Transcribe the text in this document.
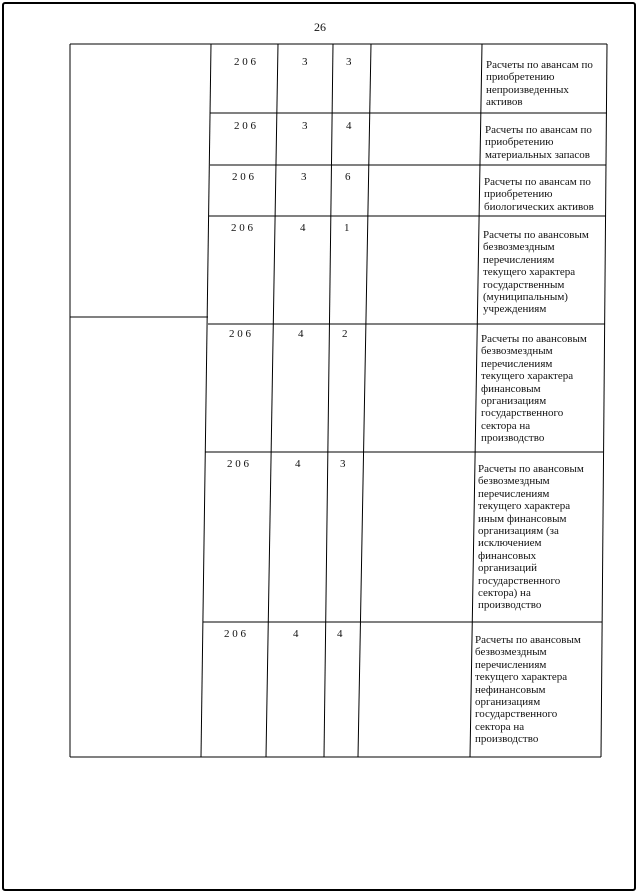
26
2 0 6	3	3	Расчеты по авансам по
приобретению
непроизведенных
активов
2 0 6	3	4	Расчеты по авансам по
приобретению
материальных запасов
2 0 6	3	6	Расчеты по авансам по
приобретению
биологических активов
2 0 6	4	1
Расчеты по авансовым
безвозмездным
перечислениям
текущего характера
государственным
(муниципальным)
учреждениям
2 0 6	4	2	Расчеты по авансовым
безвозмездным
перечислениям
текущего характера
финансовым
организациям
государственного
сектора на
производство
2 0 6	4	3	Расчеты по авансовым
безвозмездным
перечислениям
текущего характера
иным финансовым
организациям (за
исключением
финансовых
организаций
государственного
сектора) на
производство
2 0 6	4	4	Расчеты по авансовым
безвозмездным
перечислениям
текущего характера
нефинансовым
организациям
государственного
сектора на
производство
